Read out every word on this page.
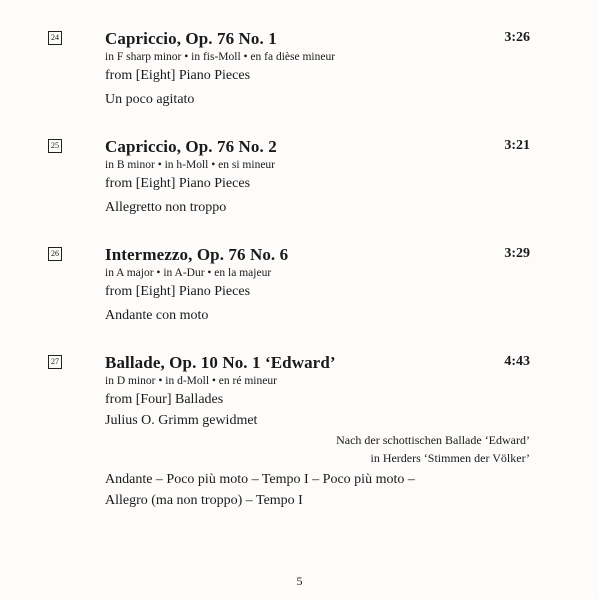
24	Capriccio, Op. 76 No. 1	3:26
in F sharp minor • in fis-Moll • en fa dièse mineur
from [Eight] Piano Pieces
Un poco agitato
25	Capriccio, Op. 76 No. 2	3:21
in B minor • in h-Moll • en si mineur
from [Eight] Piano Pieces
Allegretto non troppo
26	Intermezzo, Op. 76 No. 6	3:29
in A major • in A-Dur • en la majeur
from [Eight] Piano Pieces
Andante con moto
27	Ballade, Op. 10 No. 1 ‘Edward’	4:43
in D minor • in d-Moll • en ré mineur
from [Four] Ballades
Julius O. Grimm gewidmet
Nach der schottischen Ballade ‘Edward’
in Herders ‘Stimmen der Völker’
Andante – Poco più moto – Tempo I – Poco più moto –
Allegro (ma non troppo) – Tempo I
5
